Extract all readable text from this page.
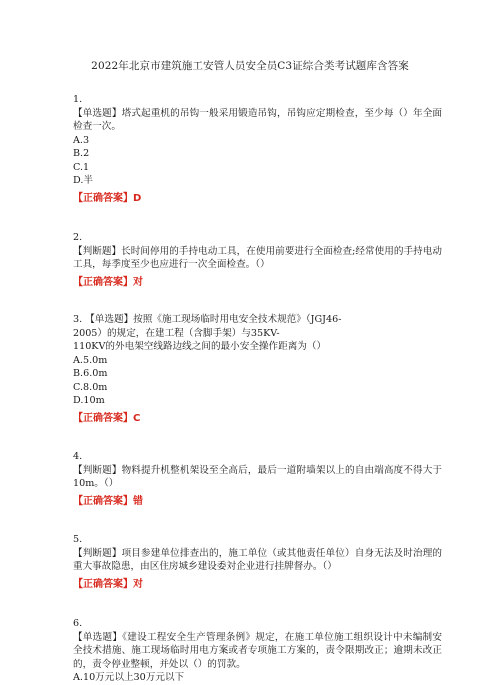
2022年北京市建筑施工安管人员安全员C3证综合类考试题库含答案

1.

【单选题】塔式起重机的吊钩一般采用锻造吊钩，吊钩应定期检查，至少每（）年全面检查一次。

A.3

B.2

C.1

D.半

【正确答案】D

2.

【判断题】长时间停用的手持电动工具，在使用前要进行全面检查;经常使用的手持电动工具，每季度至少也应进行一次全面检查。（）

【正确答案】对

3. 【单选题】按照《施工现场临时用电安全技术规范》（JGJ46-

2005）的规定，在建工程（含脚手架）与35KV-

110KV的外电架空线路边线之间的最小安全操作距离为（）

A.5.0m

B.6.0m

C.8.0m

D.10m

【正确答案】C

4.

【判断题】物料提升机整机架设至全高后，最后一道附墙架以上的自由端高度不得大于10m。（）

【正确答案】错

5.

【判断题】项目参建单位排查出的，施工单位（或其他责任单位）自身无法及时治理的重大事故隐患，由区住房城乡建设委対企业进行挂牌督办。（）

【正确答案】对

6.

【单选题】《建设工程安全生产管理条例》规定，在施工单位施工组织设计中未编制安全技术措施、施工现场临时用电方案或者专项施工方案的，责令限期改正；逾期未改正的，责令停业整顿，并处以（）的罚款。

A.10万元以上30万元以下
